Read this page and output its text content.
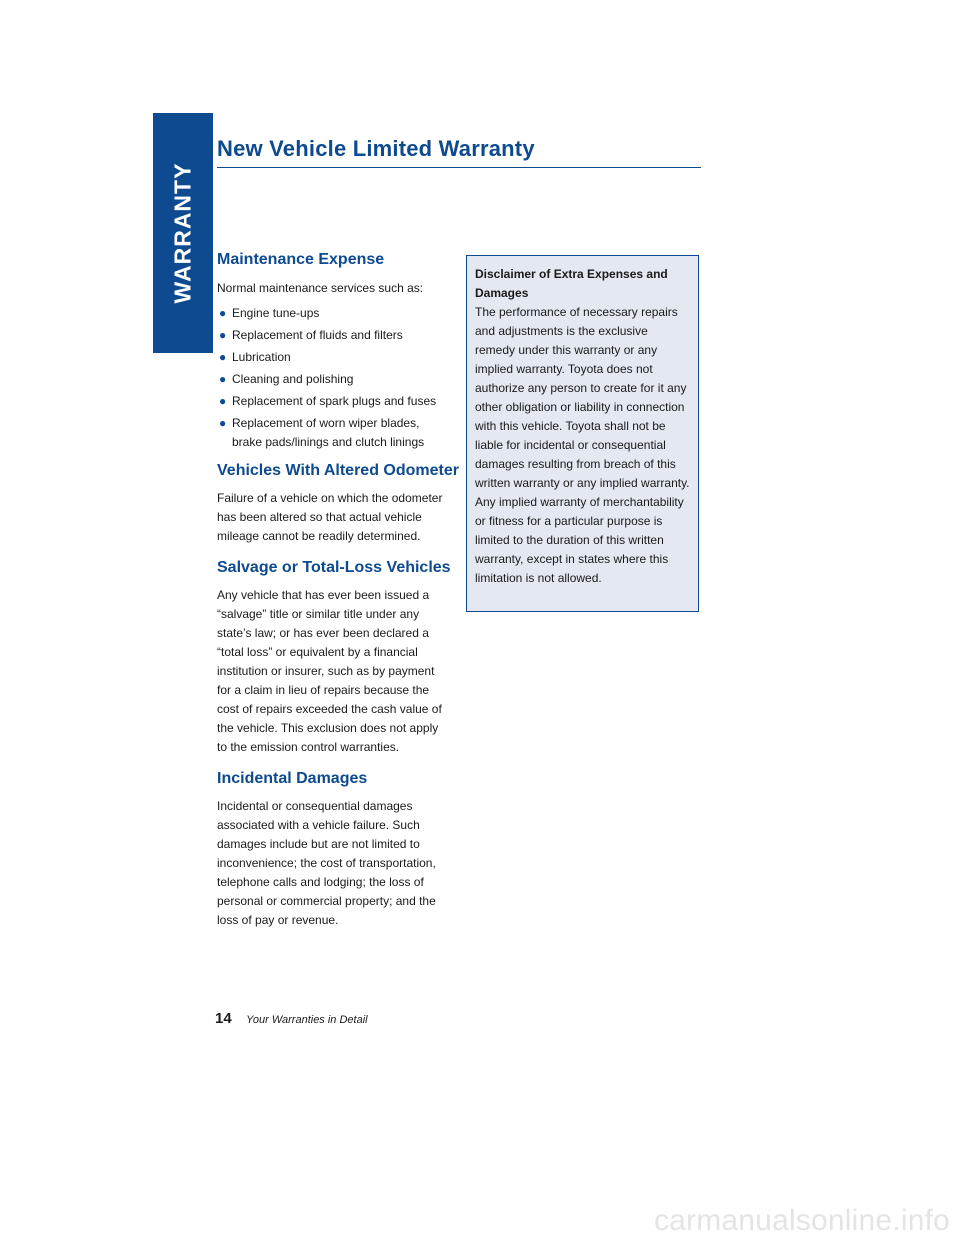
WARRANTY
New Vehicle Limited Warranty
Maintenance Expense

Normal maintenance services such as:

● Engine tune-ups
● Replacement of fluids and filters
● Lubrication
● Cleaning and polishing
● Replacement of spark plugs and fuses
● Replacement of worn wiper blades, brake pads/linings and clutch linings
Vehicles With Altered Odometer

Failure of a vehicle on which the odometer has been altered so that actual vehicle mileage cannot be readily determined.

Salvage or Total-Loss Vehicles

Any vehicle that has ever been issued a “salvage” title or similar title under any state’s law; or has ever been declared a “total loss” or equivalent by a financial institution or insurer, such as by payment for a claim in lieu of repairs because the cost of repairs exceeded the cash value of the vehicle. This exclusion does not apply to the emission control warranties.

Incidental Damages

Incidental or consequential damages associated with a vehicle failure. Such damages include but are not limited to inconvenience; the cost of transportation, telephone calls and lodging; the loss of personal or commercial property; and the loss of pay or revenue.

Disclaimer of Extra Expenses and Damages

The performance of necessary repairs and adjustments is the exclusive remedy under this warranty or any implied warranty. Toyota does not authorize any person to create for it any other obligation or liability in connection with this vehicle. Toyota shall not be liable for incidental or consequential damages resulting from breach of this written warranty or any implied warranty. Any implied warranty of merchantability or fitness for a particular purpose is limited to the duration of this written warranty, except in states where this limitation is not allowed.

14 Your Warranties in Detail
carmanualsonline.info
